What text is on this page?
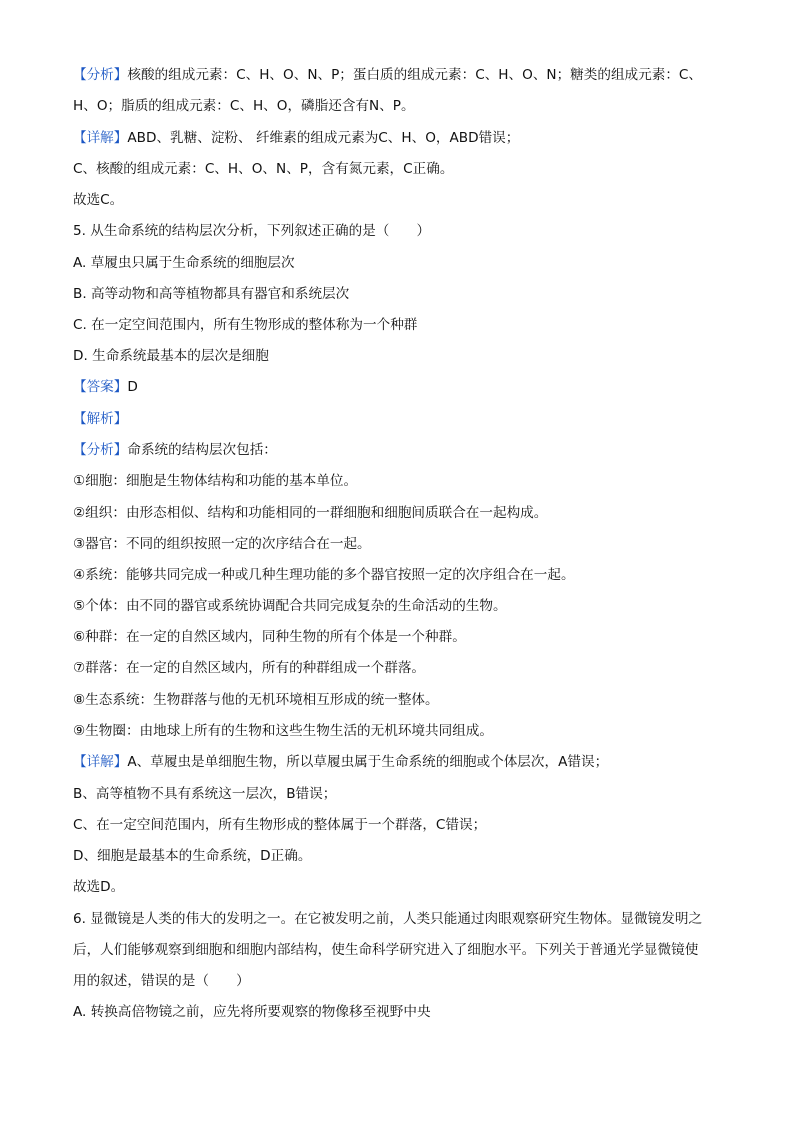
【分析】核酸的组成元素：C、H、O、N、P；蛋白质的组成元素：C、H、O、N；糖类的组成元素：C、
H、O；脂质的组成元素：C、H、O，磷脂还含有N、P。
【详解】ABD、乳糖、淀粉、 纤维素的组成元素为C、H、O，ABD错误；
C、核酸的组成元素：C、H、O、N、P，含有氮元素，C正确。
故选C。
5. 从生命系统的结构层次分析，下列叙述正确的是（　　）
A. 草履虫只属于生命系统的细胞层次
B. 高等动物和高等植物都具有器官和系统层次
C. 在一定空间范围内，所有生物形成的整体称为一个种群
D. 生命系统最基本的层次是细胞
【答案】D
【解析】
【分析】命系统的结构层次包括：
①细胞：细胞是生物体结构和功能的基本单位。
②组织：由形态相似、结构和功能相同的一群细胞和细胞间质联合在一起构成。
③器官：不同的组织按照一定的次序结合在一起。
④系统：能够共同完成一种或几种生理功能的多个器官按照一定的次序组合在一起。
⑤个体：由不同的器官或系统协调配合共同完成复杂的生命活动的生物。
⑥种群：在一定的自然区域内，同种生物的所有个体是一个种群。
⑦群落：在一定的自然区域内，所有的种群组成一个群落。
⑧生态系统：生物群落与他的无机环境相互形成的统一整体。
⑨生物圈：由地球上所有的生物和这些生物生活的无机环境共同组成。
【详解】A、草履虫是单细胞生物，所以草履虫属于生命系统的细胞或个体层次，A错误；
B、高等植物不具有系统这一层次，B错误；
C、在一定空间范围内，所有生物形成的整体属于一个群落，C错误；
D、细胞是最基本的生命系统，D正确。
故选D。
6. 显微镜是人类的伟大的发明之一。在它被发明之前，人类只能通过肉眼观察研究生物体。显微镜发明之
后，人们能够观察到细胞和细胞内部结构，使生命科学研究进入了细胞水平。下列关于普通光学显微镜使
用的叙述，错误的是（　　）
A. 转换高倍物镜之前，应先将所要观察的物像移至视野中央
